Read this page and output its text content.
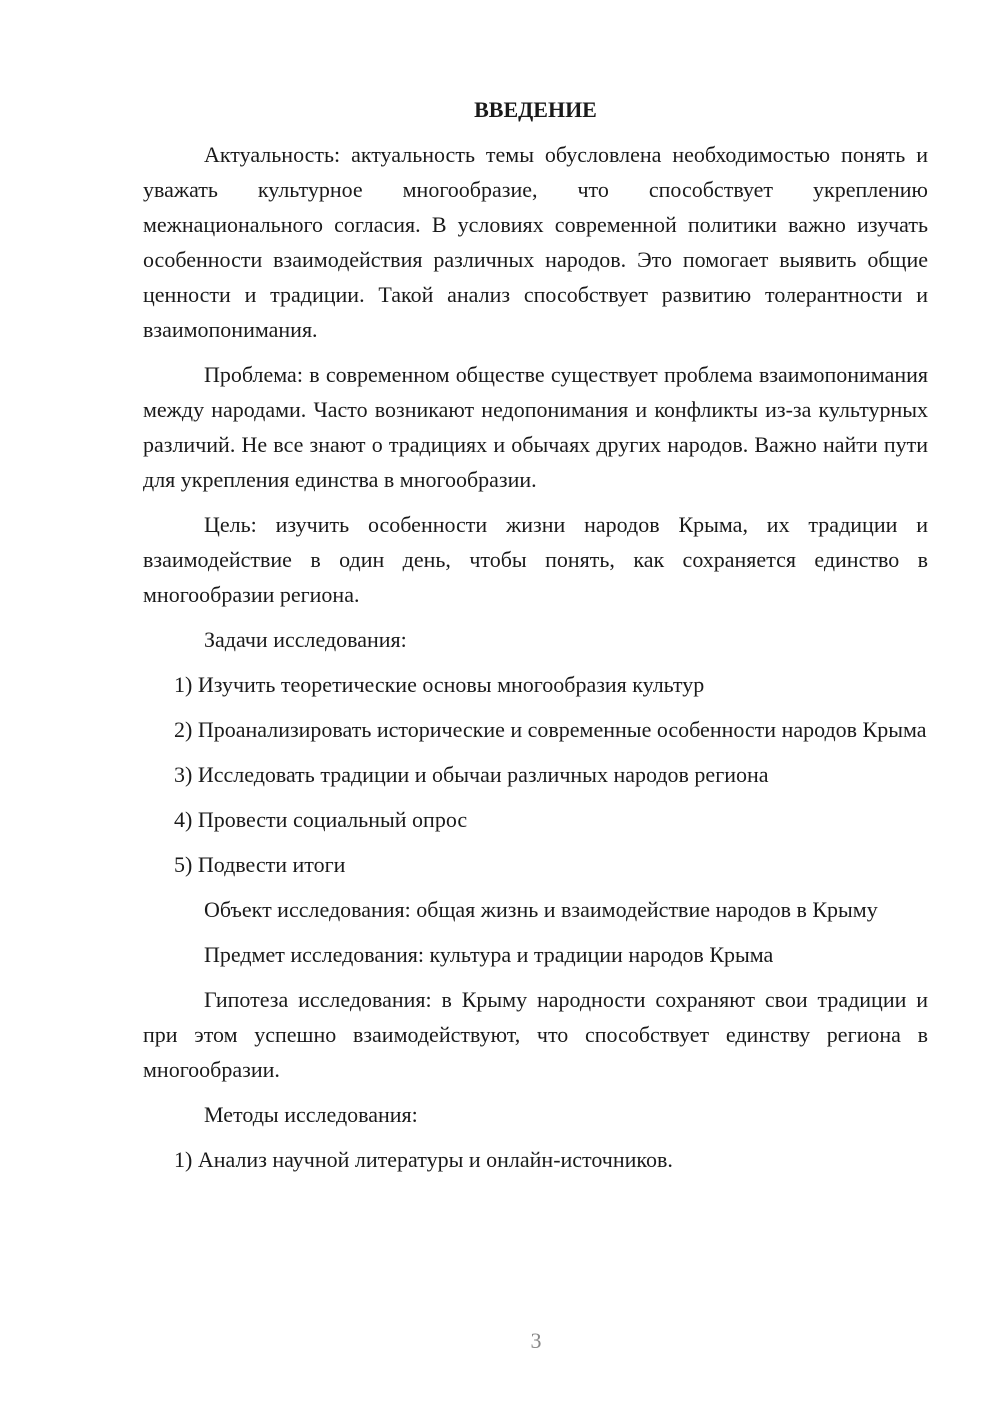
ВВЕДЕНИЕ

Актуальность: актуальность темы обусловлена необходимостью понять и уважать культурное многообразие, что способствует укреплению межнационального согласия. В условиях современной политики важно изучать особенности взаимодействия различных народов. Это помогает выявить общие ценности и традиции. Такой анализ способствует развитию толерантности и взаимопонимания.

Проблема: в современном обществе существует проблема взаимопонимания между народами. Часто возникают недопонимания и конфликты из-за культурных различий. Не все знают о традициях и обычаях других народов. Важно найти пути для укрепления единства в многообразии.

Цель: изучить особенности жизни народов Крыма, их традиции и взаимодействие в один день, чтобы понять, как сохраняется единство в многообразии региона.

Задачи исследования:

1) Изучить теоретические основы многообразия культур

2) Проанализировать исторические и современные особенности народов Крыма

3) Исследовать традиции и обычаи различных народов региона

4) Провести социальный опрос

5) Подвести итоги

Объект исследования: общая жизнь и взаимодействие народов в Крыму

Предмет исследования: культура и традиции народов Крыма

Гипотеза исследования: в Крыму народности сохраняют свои традиции и при этом успешно взаимодействуют, что способствует единству региона в многообразии.

Методы исследования:

1) Анализ научной литературы и онлайн-источников.

3
